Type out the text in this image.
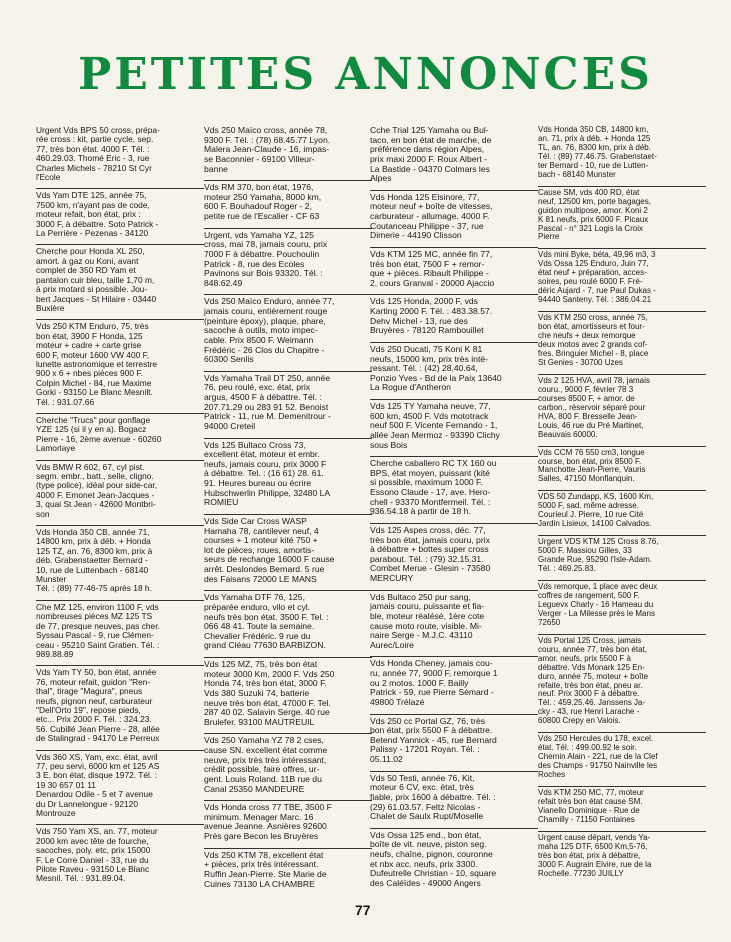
PETITES ANNONCES
Urgent Vds BPS 50 cross, prépa-
rée cross : kit, partie cycle, sep.
77, très bon état. 4000 F. Tél. :
460.29.03. Thomé Eric - 3, rue
Charles Michels - 78210 St Cyr
l'Ecole
Vds Yam DTE 125, année 75,
7500 km, n'ayant pas de code,
moteur refait, bon état, prix :
3000 F, à débattre. Soto Patrick -
La Perrière - Pezenas - 34120
Cherche pour Honda XL 250,
amort. à gaz ou Koni, avant
complet de 350 RD Yam et
pantalon cuir bleu, taille 1,70 m,
à prix motard si possible. Jou-
bert Jacques - St Hilaire - 03440
Buxière
Vds 250 KTM Enduro, 75, très
bon état, 3900 F Honda, 125
moteur + cadre + carte grise
600 F, moteur 1600 VW 400 F,
lunette astronomique et terrestre
900 x 6 + nbes pièces 900 F.
Colpin Michel - 84, rue Maxime
Gorki - 93150 Le Blanc Mesnilt.
Tél. : 931.07.66
Cherche "Trucs" pour gonflage
YZE 125 (si il y en a). Bogacz
Pierre - 16, 2ème avenue - 60260
Lamorlaye
Vds BMW R 602, 67, cyl pist.
segm. embr., batt., selle, cligno.
(type police), idéal pour side-car,
4000 F. Emonet Jean-Jacques -
3, quai St Jean - 42600 Montbri-
son
Vds Honda 350 CB, année 71,
14800 km, prix à déb. + Honda
125 TZ, an. 76, 8300 km, prix à
déb. Grabenstaetter Bernard -
10, rue de Luttenbach - 68140
Munster
Tél. : (89) 77-46-75 après 18 h.
Che MZ 125, environ 1100 F, vds
nombreuses pièces MZ 125 TS
de 77, presque neuves, pas cher.
Syssau Pascal - 9, rue Clémen-
ceau - 95210 Saint Gratien. Tél. :
989.88.89
Vds Yam TY 50, bon état, année
76, moteur refait, guidon "Ren-
thal", tirage "Magura", pneus
neufs, pignon neuf, carburateur
"Dell'Orto 19", repose pieds,
etc... Prix 2000 F. Tél. : 324.23.
56. Cubillé Jean Pierre - 28, allée
de Stalingrad - 94170 Le Perreux
Vds 360 XS, Yam, exc. état, avril
77, peu servi, 6000 km et 125 AS
3 E, bon état, disque 1972. Tél. :
19 30 657 01 11
Denardou Odile - 5 et 7 avenue
du Dr Lannelongue - 92120
Montrouze
Vds 750 Yam XS, an. 77, moteur
2000 km avec tête de fourche,
sacoches, poly. etc, prix 15000
F. Le Corre Daniel - 33, rue du
Pilote Raveu - 93150 Le Blanc
Mesnil. Tél. : 931.89.04.
Vds 250 Maïco cross, année 78,
9300 F. Tél. : (78) 68.45.77 Lyon.
Malera Jean-Claude - 16, impas-
se Baconnier - 69100 Villeur-
banne
Vds RM 370, bon état, 1976,
moteur 250 Yamaha, 8000 km,
600 F. Bouhadouf Roger - 2,
petite rue de l'Escalier - CF 63
Urgent, vds Yamaha YZ, 125
cross, mai 78, jamais couru, prix
7000 F à débattre. Pouchoulin
Patrick - 8, rue des Ecoles
Pavinons sur Bois 93320. Tél. :
848.62.49
Vds 250 Maïco Enduro, année 77,
jamais couru, entièrement rouge
(peinture époxy), plaque, phare,
sacoche à outils, moto impec-
cable. Prix 8500 F. Weimann
Frédéric - 26 Clos du Chapitre -
60300 Senlis
Vds Yamaha Trail DT 250, année
76, peu roulé, exc. état, prix
argus, 4500 F à débattre. Tél. :
207.71.29 ou 283 91 52. Benoist
Patrick - 11, rue M. Demenitrour -
94000 Creteil
Vds 125 Bultaco Cross 73,
excellent état, moteur et embr.
neufs, jamais couru, prix 3000 F
à débattre. Tel. : (16 61) 28. 61.
91. Heures bureau ou écrire
Hubschwerlin Philippe, 32480 LA
ROMIEU
Vds Side Car Cross WASP
Hamaha 78, cantilever neuf, 4
courses + 1 moteur kité 750 +
lot de pièces, roues, amortis-
seurs de rechange 16000 F cause
arrêt. Deslondes Bernard. 5 rue
des Faisans 72000 LE MANS
Vds Yamaha DTF 76, 125,
préparée enduro, vilo et cyl.
neufs très bon état. 3500 F. Tel. :
066 48 41. Toute la semaine.
Chevalier Frédéric. 9 rue du
grand Cléau 77630 BARBIZON.
Vds 125 MZ, 75, très bon état
moteur 3000 Km, 2000 F. Vds 250
Honda 74, très bon état, 3000 F.
Vds 380 Suzuki 74, batterie
neuve très bon état, 47000 F. Tel.
287 40 02. Salavin Serge. 40 rue
Brulefer. 93100 MAUTREUIL
Vds 250 Yamaha YZ 78 2 cses,
cause SN. excellent état comme
neuve, prix très très intéressant,
crédit possible, faire offres, ur-
gent. Louis Roland. 11B rue du
Canal 25350 MANDEURE
Vds Honda cross 77 TBE, 3500 F
minimum. Menager Marc. 16
avenue Jeanne. Asnières 92600
Près gare Becon les Bruyères
Vds 250 KTM 78, excellent état
+ pièces, prix très intéressant.
Ruffin Jean-Pierre. Ste Marie de
Cuines 73130 LA CHAMBRE
Cche Trial 125 Yamaha ou Bul-
taco, en bon état de marche, de
préférence dans région Alpes,
prix maxi 2000 F. Roux Albert -
La Bastide - 04370 Colmars les
Alpes
Vds Honda 125 Elsinore, 77,
moteur neuf + boîte de vitesses,
carburateur - allumage. 4000 F.
Coutanceau Philippe - 37, rue
Dimerie - 44190 Clisson
Vds KTM 125 MC, année fin 77,
très bon état, 7500 F + remor-
que + pièces. Ribault Philippe -
2, cours Granval - 20000 Ajaccio
Vds 125 Honda, 2000 F, vds
Karting 2000 F. Tél. : 483.38.57.
Dehv Michel - 13, rue des
Bruyères - 78120 Rambouillet
Vds 250 Ducati, 75 Koni K 81
neufs, 15000 km, prix très inté-
ressant. Tél. : (42) 28.40.64,
Ponzio Yves - Bd de la Paix 13640
La Rogue d'Antheron
Vds 125 TY Yamaha neuve, 77,
600 km, 4500 F. Vds mototrack
neuf 500 F. Vicente Fernando - 1,
allée Jean Mermoz - 93390 Clichy
sous Bois
Cherche caballero RC TX 160 ou
BPS, état moyen, puissant (kité
si possible, maximum 1000 F.
Essono Claude - 17, ave. Hero-
chell - 93370 Montfermeil. Tél. :
936.54.18 à partir de 18 h.
Vds 125 Aspes cross, déc. 77,
très bon état, jamais couru, prix
à débattre + bottes super cross
parabout. Tél. : (79) 32.15.31.
Combet Merue - Glesin - 73580
MERCURY
Vds Bultaco 250 pur sang,
jamais couru, puissante et fia-
ble, moteur réalésé, 1ère cote
cause moto route, visible. Mi-
naire Serge - M.J.C. 43110
Aurec/Loire
Vds Honda Cheney, jamais cou-
ru, année 77, 9000 F, remorque 1
ou 2 motos. 1000 F. Bailly
Patrick - 59, rue Pierre Sémard -
49800 Trélazé
Vds 250 cc Portal GZ, 76, très
bon état, prix 5500 F à débattre.
Betend Yannick - 45, rue Bernard
Palissy - 17201 Royan. Tél. :
05.11.02
Vds 50 Testi, année 76, Kit,
moteur 6 CV, exc. état, très
fiable, prix 1600 à débattre. Tél. :
(29) 61.03.57. Feltz Nicolas -
Chalet de Saulx Rupt/Moselle
Vds Ossa 125 end., bon état,
boîte de vit. neuve, piston seg.
neufs, chaîne, pignon, couronne
et nbx acc. neufs, prix 3300.
Dufeutrelle Christian - 10, square
des Caléïdes - 49000 Angers
Vds Honda 350 CB, 14800 km,
an. 71, prix à déb. + Honda 125
TL, an. 76, 8300 km, prix à déb.
Tél. : (89) 77.46.75. Grabenstaet-
ter Bernard - 10, rue de Lutten-
bach - 68140 Munster
Cause SM, vds 400 RD, état
neuf, 12500 km, porte bagages,
guidon multipose, amor. Koni 2
K 81 neufs, prix 6000 F. Picaux
Pascal - n° 321 Logis la Croix
Pierre
Vds mini Byke, béta, 49,96 m3, 3
Vds Ossa 125 Enduro, Juin 77,
état neuf + préparation, acces-
soires, peu roulé 6000 F. Fré-
déric Aujard - 7, rue Paul Dukas -
94440 Santeny. Tél. : 386.04.21
Vds KTM 250 cross, année 75,
bon état, amortisseurs et four-
che neufs + deux remorque
deux motos avec 2 grands cof-
fres. Bringuier Michel - 8, place
St Genies - 30700 Uzes
Vds 2 125 HVA, avril 78, jamais
couru., 9000 F, février 78 3
courses 8500 F, + amor. de
carbon., réservoir séparé pour
HVA, 800 F. Bresselle Jean-
Louis, 46 rue du Pré Martinet,
Beauvais 60000.
Vds CCM 76 550 cm3, longue
course, bon état, prix 8500 F.
Manchotte Jean-Pierre, Vauris
Salles, 47150 Monflanquin.
VDS 50 Zundapp, KS, 1600 Km,
5000 F, sad. même adresse.
Courieul J. Pierre, 10 rue Cité
Jardin Lisieux, 14100 Calvados.
Urgent VDS KTM 125 Cross 8.76,
5000 F. Massiou Gilles, 33
Grande Rue, 95290 l'Isle-Adam.
Tél. : 469.25.83.
Vds remorque, 1 place avec deux
coffres de rangement, 500 F.
Leguevx Charly - 16 Hameau du
Verger - La Milesse près le Mans
72650
Vds Portal 125 Cross, jamais
couru, année 77, très bon état,
amor. neufs, prix 5500 F à
débattre. Vds Monark 125 En-
duro, année 75, moteur + boîte
refaite, très bon état, pneu ar.
neuf. Prix 3000 F à débattre.
Tél. : 459.25.46. Janssens Ja-
cky - 43, rue Henri Larache -
60800 Crepy en Valois.
Vds 250 Hercules du 178, excel.
état. Tél. : 499.00.92 le soir.
Chemin Alain - 221, rue de la Clef
des Champs - 91750 Nainville les
Roches
Vds KTM 250 MC, 77, moteur
refait très bon état cause SM.
Vianello Dominique - Rue de
Chamilly - 71150 Fontaines
Urgent cause départ, vends Ya-
maha 125 DTF, 6500 Km,5-76,
très bon état, prix à débattre,
3000 F. Augrain Elvire, rue de la
Rochelle. 77230 JUILLY
77
